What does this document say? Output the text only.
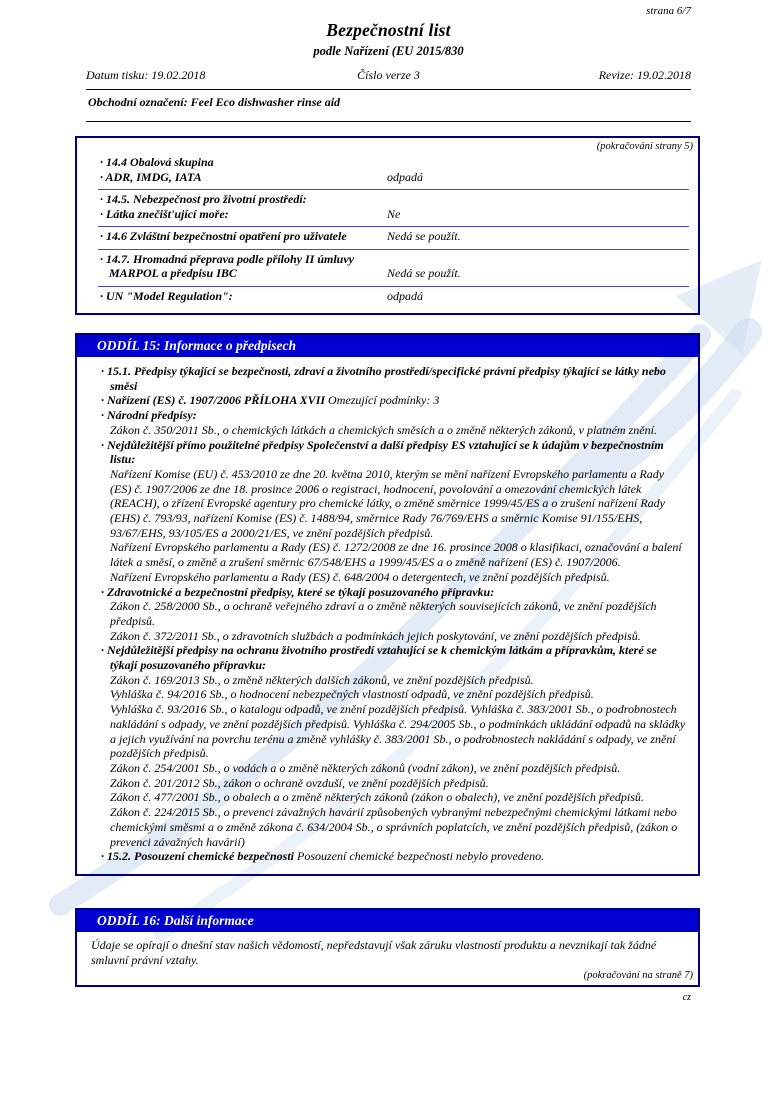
strana 6/7
Bezpečnostní list
podle Nařízení (EU 2015/830
Datum tisku: 19.02.2018	Číslo verze 3	Revize: 19.02.2018
Obchodní označení: Feel Eco dishwasher rinse aid
(pokračování strany 5)
· 14.4 Obalová skupina
· ADR, IMDG, IATA	odpadá
· 14.5. Nebezpečnost pro životní prostředí:
· Látka znečišt'ující moře:	Ne
· 14.6 Zvláštní bezpečnostní opatření pro uživatele	Nedá se použít.
· 14.7. Hromadná přeprava podle přílohy II úmluvy
MARPOL a předpisu IBC	Nedá se použít.
· UN "Model Regulation":	odpadá
ODDÍL 15: Informace o předpisech
· 15.1. Předpisy týkající se bezpečnosti, zdraví a životního prostředí/specifické právní předpisy týkající se látky nebo směsi
· Nařízení (ES) č. 1907/2006 PŘÍLOHA XVII Omezující podmínky: 3
· Národní předpisy:
Zákon č. 350/2011 Sb., o chemických látkách a chemických směsích a o změně některých zákonů, v platném znění.
· Nejdůležitější přímo použitelné předpisy Společenství a další předpisy ES vztahující se k údajům v bezpečnostním listu:
Nařízení Komise (EU) č. 453/2010 ze dne 20. května 2010, kterým se mění nařízení Evropského parlamentu a Rady (ES) č. 1907/2006 ze dne 18. prosince 2006 o registraci, hodnocení, povolování a omezování chemických látek (REACH), o zřízení Evropské agentury pro chemické látky, o změně směrnice 1999/45/ES a o zrušení nařízení Rady (EHS) č. 793/93, nařízení Komise (ES) č. 1488/94, směrnice Rady 76/769/EHS a směrnic Komise 91/155/EHS, 93/67/EHS, 93/105/ES a 2000/21/ES, ve znění pozdějších předpisů.
Nařízení Evropského parlamentu a Rady (ES) č. 1272/2008 ze dne 16. prosince 2008 o klasifikaci, označování a balení látek a směsí, o změně a zrušení směrnic 67/548/EHS a 1999/45/ES a o změně nařízení (ES) č. 1907/2006.
Nařízení Evropského parlamentu a Rady (ES) č. 648/2004 o detergentech, ve znění pozdějších předpisů.
· Zdravotnické a bezpečnostní předpisy, které se týkají posuzovaného přípravku:
Zákon č. 258/2000 Sb., o ochraně veřejného zdraví a o změně některých souvisejících zákonů, ve znění pozdějších předpisů.
Zákon č. 372/2011 Sb., o zdravotních službách a podmínkách jejich poskytování, ve znění pozdějších předpisů.
· Nejdůležitější předpisy na ochranu životního prostředí vztahující se k chemickým látkám a přípravkům, které se týkají posuzovaného přípravku:
Zákon č. 169/2013 Sb., o změně některých dalších zákonů, ve znění pozdějších předpisů.
Vyhláška č. 94/2016 Sb., o hodnocení nebezpečných vlastností odpadů, ve znění pozdějších předpisů.
Vyhláška č. 93/2016 Sb., o katalogu odpadů, ve znění pozdějších předpisů. Vyhláška č. 383/2001 Sb., o podrobnostech nakládání s odpady, ve znění pozdějších předpisů. Vyhláška č. 294/2005 Sb., o podmínkách ukládání odpadů na skládky a jejich využívání na povrchu terénu a změně vyhlášky č. 383/2001 Sb., o podrobnostech nakládání s odpady, ve znění pozdějších předpisů.
Zákon č. 254/2001 Sb., o vodách a o změně některých zákonů (vodní zákon), ve znění pozdějších předpisů.
Zákon č. 201/2012 Sb., zákon o ochraně ovzduší, ve znění pozdějších předpisů.
Zákon č. 477/2001 Sb., o obalech a o změně některých zákonů (zákon o obalech), ve znění pozdějších předpisů.
Zákon č. 224/2015 Sb., o prevenci závažných havárií způsobených vybranými nebezpečnými chemickými látkami nebo chemickými směsmi a o změně zákona č. 634/2004 Sb., o správních poplatcích, ve znění pozdějších předpisů, (zákon o prevenci závažných havárií)
· 15.2. Posouzení chemické bezpečnosti Posouzení chemické bezpečnosti nebylo provedeno.
ODDÍL 16: Další informace
Údaje se opírají o dnešní stav našich vědomostí, nepředstavují však záruku vlastností produktu a nevznikají tak žádné smluvní právní vztahy.
(pokračování na straně 7)
cz
